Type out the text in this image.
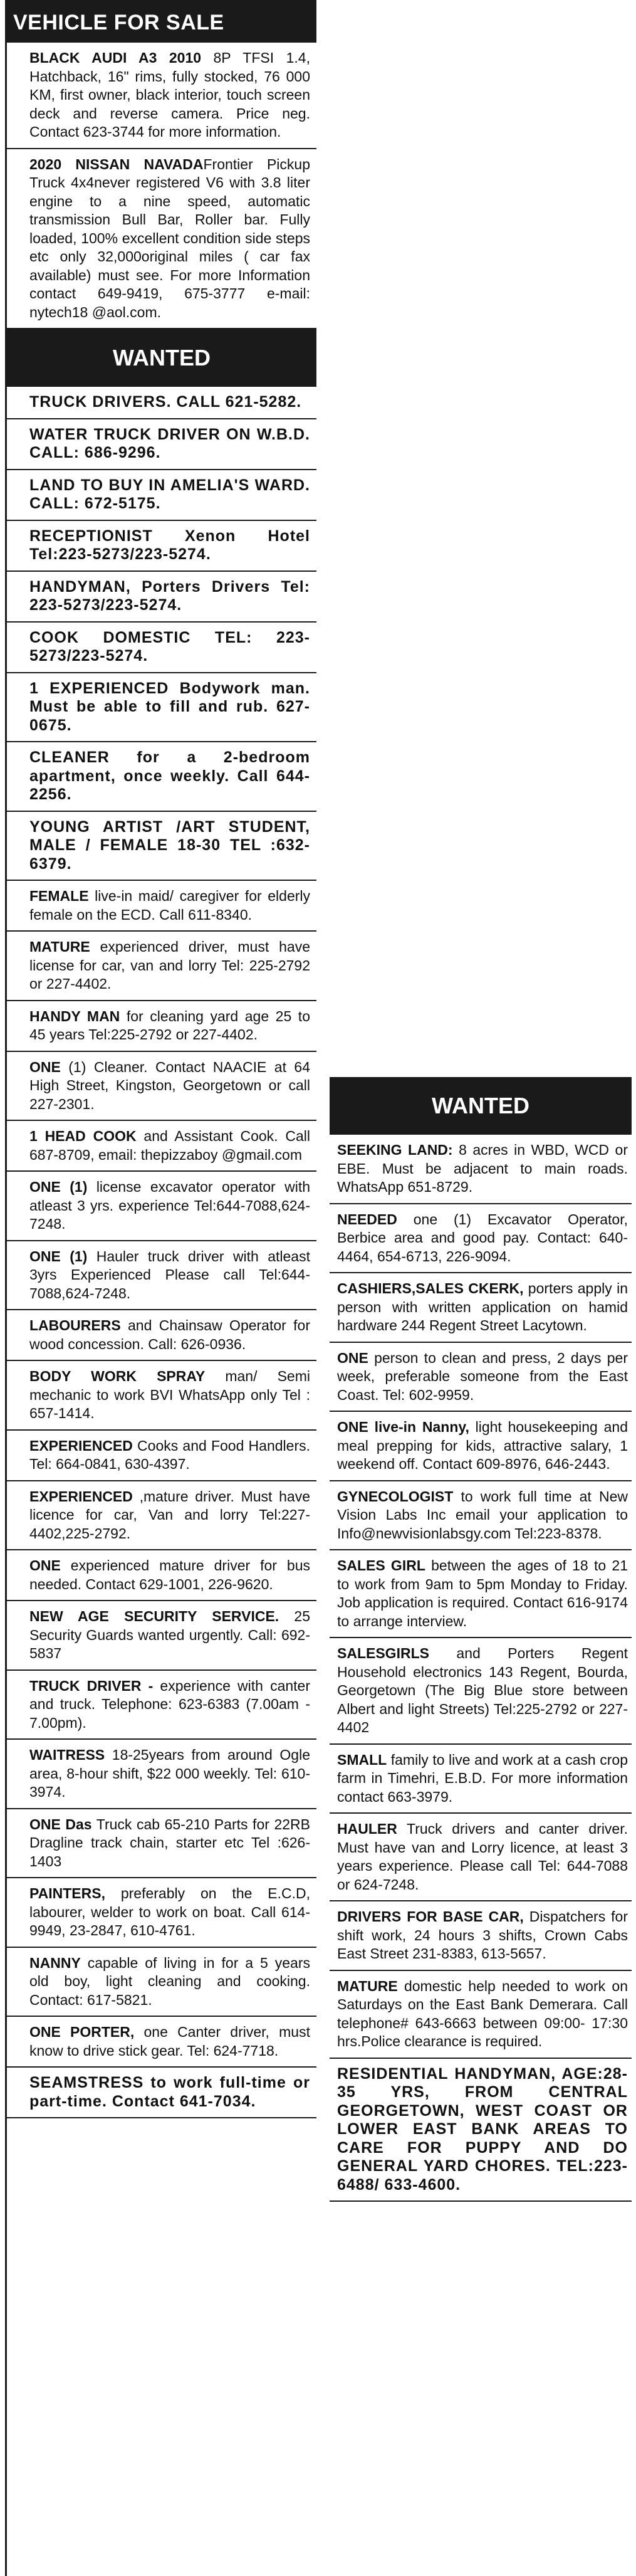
VEHICLE FOR SALE
BLACK AUDI A3 2010 8P TFSI 1.4, Hatchback, 16" rims, fully stocked, 76 000 KM, first owner, black interior, touch screen deck and reverse camera. Price neg. Contact 623-3744 for more information.
2020 NISSAN NAVADAFrontier Pickup Truck 4x4never registered V6 with 3.8 liter engine to a nine speed, automatic transmission Bull Bar, Roller bar. Fully loaded, 100% excellent condition side steps etc only 32,000original miles ( car fax available) must see. For more Information contact 649-9419, 675-3777 e-mail: nytech18 @aol.com.
WANTED
TRUCK DRIVERS. CALL 621-5282.
WATER TRUCK DRIVER ON W.B.D. CALL: 686-9296.
LAND TO BUY IN AMELIA'S WARD. CALL: 672-5175.
RECEPTIONIST Xenon Hotel Tel:223-5273/223-5274.
HANDYMAN, Porters Drivers Tel: 223-5273/223-5274.
COOK DOMESTIC TEL: 223-5273/223-5274.
1 EXPERIENCED Bodywork man. Must be able to fill and rub. 627-0675.
CLEANER for a 2-bedroom apartment, once weekly. Call 644-2256.
YOUNG ARTIST /ART STUDENT, MALE / FEMALE 18-30 TEL :632-6379.
FEMALE live-in maid/ caregiver for elderly female on the ECD. Call 611-8340.
MATURE experienced driver, must have license for car, van and lorry Tel: 225-2792 or 227-4402.
HANDY MAN for cleaning yard age 25 to 45 years Tel:225-2792 or 227-4402.
ONE (1) Cleaner. Contact NAACIE at 64 High Street, Kingston, Georgetown or call 227-2301.
1 HEAD COOK and Assistant Cook. Call 687-8709, email: thepizzaboy @gmail.com
ONE (1) license excavator operator with atleast 3 yrs. experience Tel:644-7088,624-7248.
ONE (1) Hauler truck driver with atleast 3yrs Experienced Please call Tel:644-7088,624-7248.
LABOURERS and Chainsaw Operator for wood concession. Call: 626-0936.
BODY WORK SPRAY man/ Semi mechanic to work BVI WhatsApp only Tel : 657-1414.
EXPERIENCED Cooks and Food Handlers. Tel: 664-0841, 630-4397.
EXPERIENCED ,mature driver. Must have licence for car, Van and lorry Tel:227-4402,225-2792.
ONE experienced mature driver for bus needed. Contact 629-1001, 226-9620.
NEW AGE SECURITY SERVICE. 25 Security Guards wanted urgently. Call: 692-5837
TRUCK DRIVER - experience with canter and truck. Telephone: 623-6383 (7.00am - 7.00pm).
WAITRESS 18-25years from around Ogle area, 8-hour shift, $22 000 weekly. Tel: 610-3974.
ONE Das Truck cab 65-210 Parts for 22RB Dragline track chain, starter etc Tel :626-1403
PAINTERS, preferably on the E.C.D, labourer, welder to work on boat. Call 614-9949, 23-2847, 610-4761.
NANNY capable of living in for a 5 years old boy, light cleaning and cooking. Contact: 617-5821.
ONE PORTER, one Canter driver, must know to drive stick gear. Tel: 624-7718.
SEAMSTRESS to work full-time or part-time. Contact 641-7034.
WANTED
SEEKING LAND: 8 acres in WBD, WCD or EBE. Must be adjacent to main roads. WhatsApp 651-8729.
NEEDED one (1) Excavator Operator, Berbice area and good pay. Contact: 640-4464, 654-6713, 226-9094.
CASHIERS,SALES CKERK, porters apply in person with written application on hamid hardware 244 Regent Street Lacytown.
ONE person to clean and press, 2 days per week, preferable someone from the East Coast. Tel: 602-9959.
ONE live-in Nanny, light housekeeping and meal prepping for kids, attractive salary, 1 weekend off. Contact 609-8976, 646-2443.
GYNECOLOGIST to work full time at New Vision Labs Inc email your application to Info@newvisionlabsgy.com Tel:223-8378.
SALES GIRL between the ages of 18 to 21 to work from 9am to 5pm Monday to Friday. Job application is required. Contact 616-9174 to arrange interview.
SALESGIRLS and Porters Regent Household electronics 143 Regent, Bourda, Georgetown (The Big Blue store between Albert and light Streets) Tel:225-2792 or 227-4402
SMALL family to live and work at a cash crop farm in Timehri, E.B.D. For more information contact 663-3979.
HAULER Truck drivers and canter driver. Must have van and Lorry licence, at least 3 years experience. Please call Tel: 644-7088 or 624-7248.
DRIVERS FOR BASE CAR, Dispatchers for shift work, 24 hours 3 shifts, Crown Cabs East Street 231-8383, 613-5657.
MATURE domestic help needed to work on Saturdays on the East Bank Demerara. Call telephone# 643-6663 between 09:00- 17:30 hrs.Police clearance is required.
RESIDENTIAL HANDYMAN, AGE:28-35 YRS, FROM CENTRAL GEORGETOWN, WEST COAST OR LOWER EAST BANK AREAS TO CARE FOR PUPPY AND DO GENERAL YARD CHORES. TEL:223-6488/ 633-4600.
